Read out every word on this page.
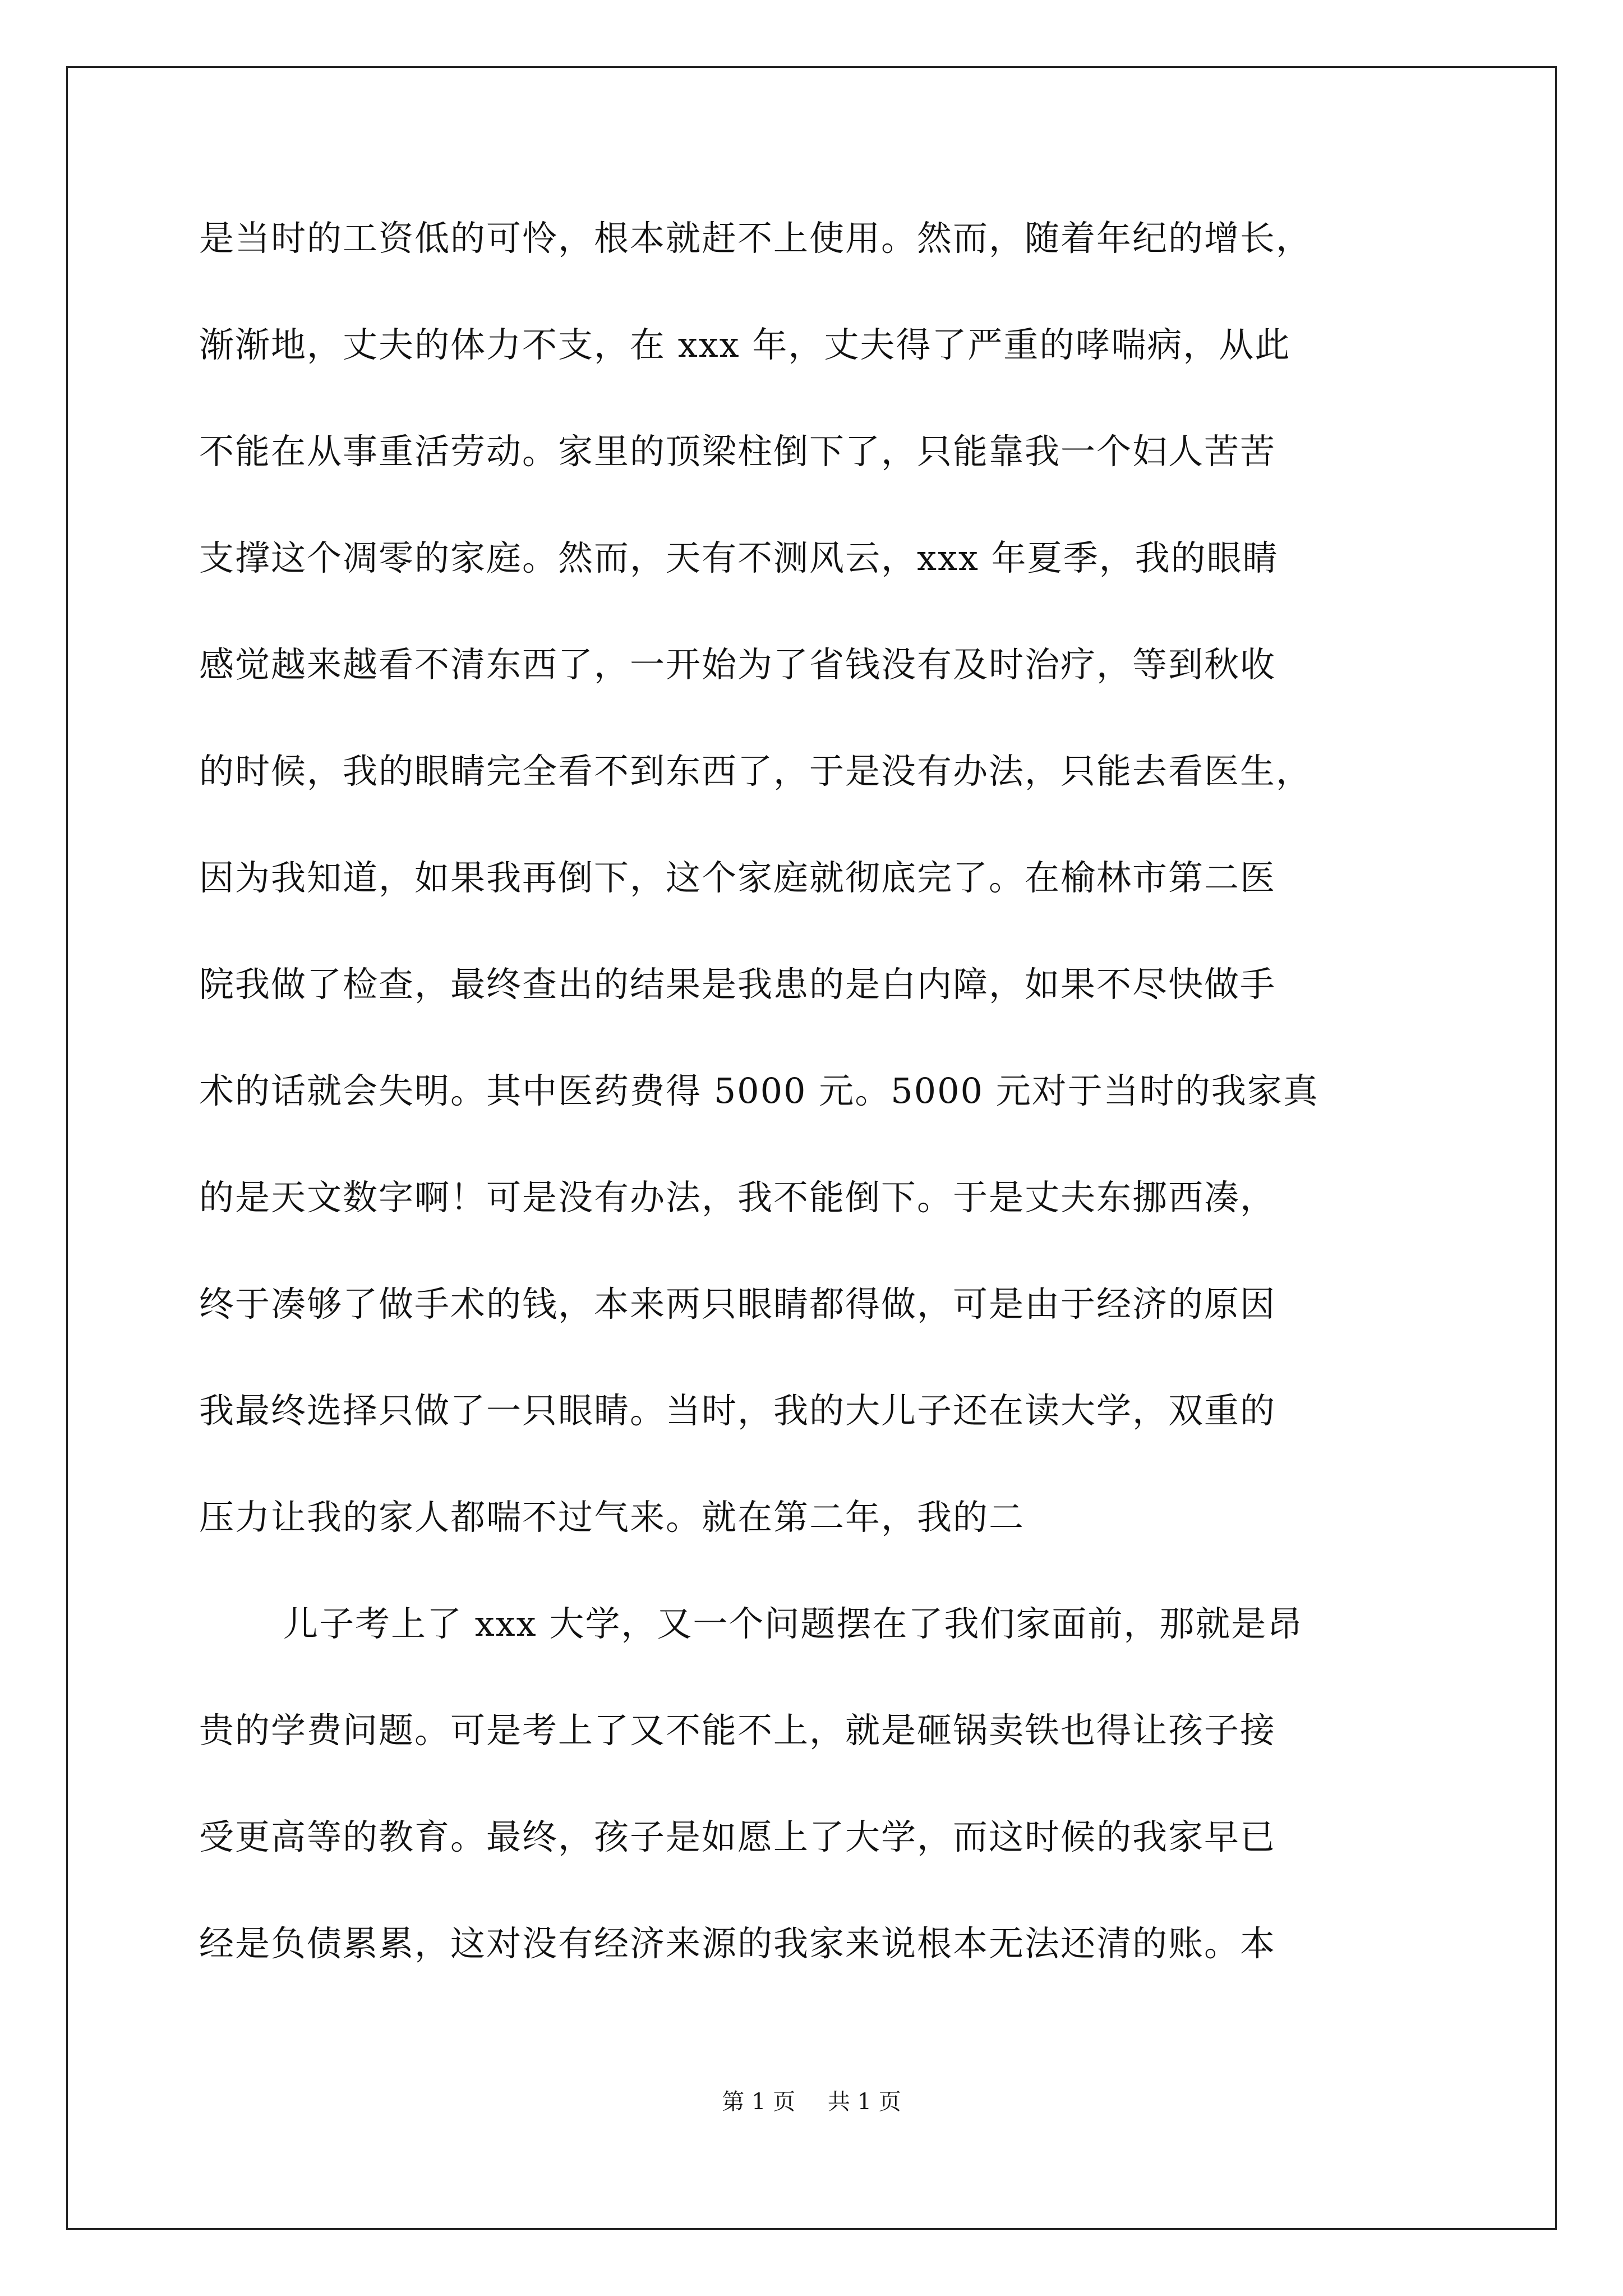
是当时的工资低的可怜，根本就赶不上使用。然而，随着年纪的增长，
渐渐地，丈夫的体力不支，在 xxx 年，丈夫得了严重的哮喘病，从此
不能在从事重活劳动。家里的顶梁柱倒下了，只能靠我一个妇人苦苦
支撑这个凋零的家庭。然而，天有不测风云，xxx 年夏季，我的眼睛
感觉越来越看不清东西了，一开始为了省钱没有及时治疗，等到秋收
的时候，我的眼睛完全看不到东西了，于是没有办法，只能去看医生，
因为我知道，如果我再倒下，这个家庭就彻底完了。在榆林市第二医
院我做了检查，最终查出的结果是我患的是白内障，如果不尽快做手
术的话就会失明。其中医药费得 5000 元。5000 元对于当时的我家真
的是天文数字啊！可是没有办法，我不能倒下。于是丈夫东挪西凑，
终于凑够了做手术的钱，本来两只眼睛都得做，可是由于经济的原因
我最终选择只做了一只眼睛。当时，我的大儿子还在读大学，双重的
压力让我的家人都喘不过气来。就在第二年，我的二
儿子考上了 xxx 大学，又一个问题摆在了我们家面前，那就是昂
贵的学费问题。可是考上了又不能不上，就是砸锅卖铁也得让孩子接
受更高等的教育。最终，孩子是如愿上了大学，而这时候的我家早已
经是负债累累，这对没有经济来源的我家来说根本无法还清的账。本
第 1 页 共 1 页
